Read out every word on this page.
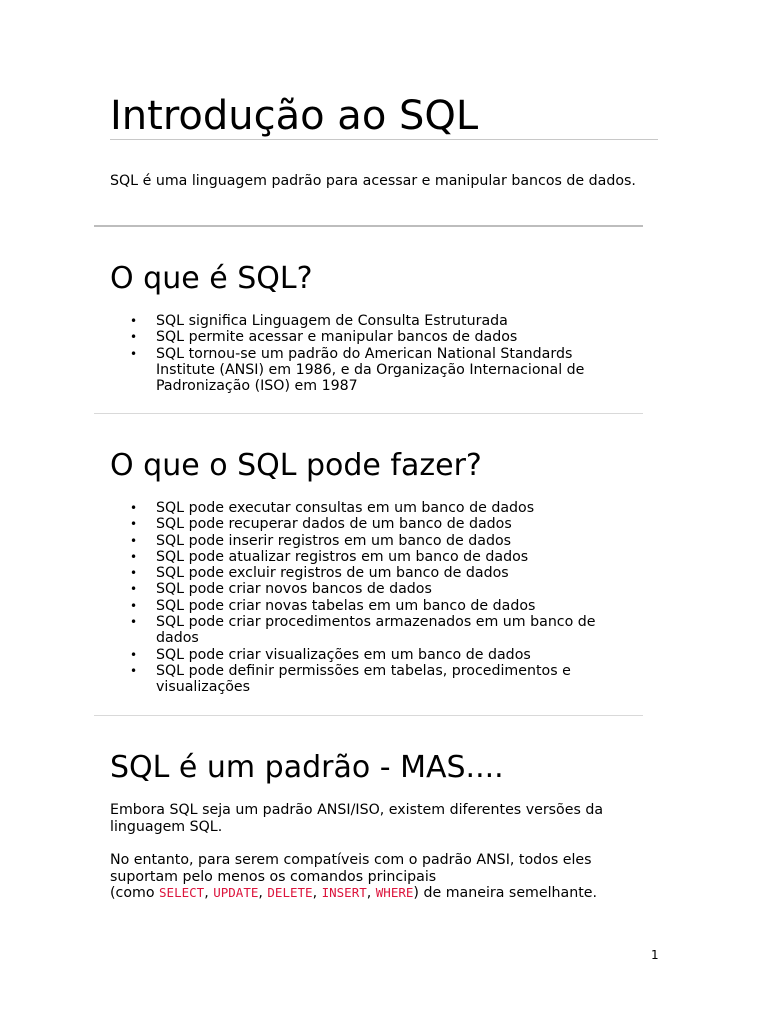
Introdução ao SQL

SQL é uma linguagem padrão para acessar e manipular bancos de dados.

O que é SQL?
• SQL significa Linguagem de Consulta Estruturada
• SQL permite acessar e manipular bancos de dados
• SQL tornou-se um padrão do American National Standards Institute (ANSI) em 1986, e da Organização Internacional de Padronização (ISO) em 1987
O que o SQL pode fazer?
• SQL pode executar consultas em um banco de dados
• SQL pode recuperar dados de um banco de dados
• SQL pode inserir registros em um banco de dados
• SQL pode atualizar registros em um banco de dados
• SQL pode excluir registros de um banco de dados
• SQL pode criar novos bancos de dados
• SQL pode criar novas tabelas em um banco de dados
• SQL pode criar procedimentos armazenados em um banco de dados
• SQL pode criar visualizações em um banco de dados
• SQL pode definir permissões em tabelas, procedimentos e visualizações
SQL é um padrão - MAS....

Embora SQL seja um padrão ANSI/ISO, existem diferentes versões da linguagem SQL.

No entanto, para serem compatíveis com o padrão ANSI, todos eles suportam pelo menos os comandos principais
(como SELECT, UPDATE, DELETE, INSERT, WHERE) de maneira semelhante.

1
